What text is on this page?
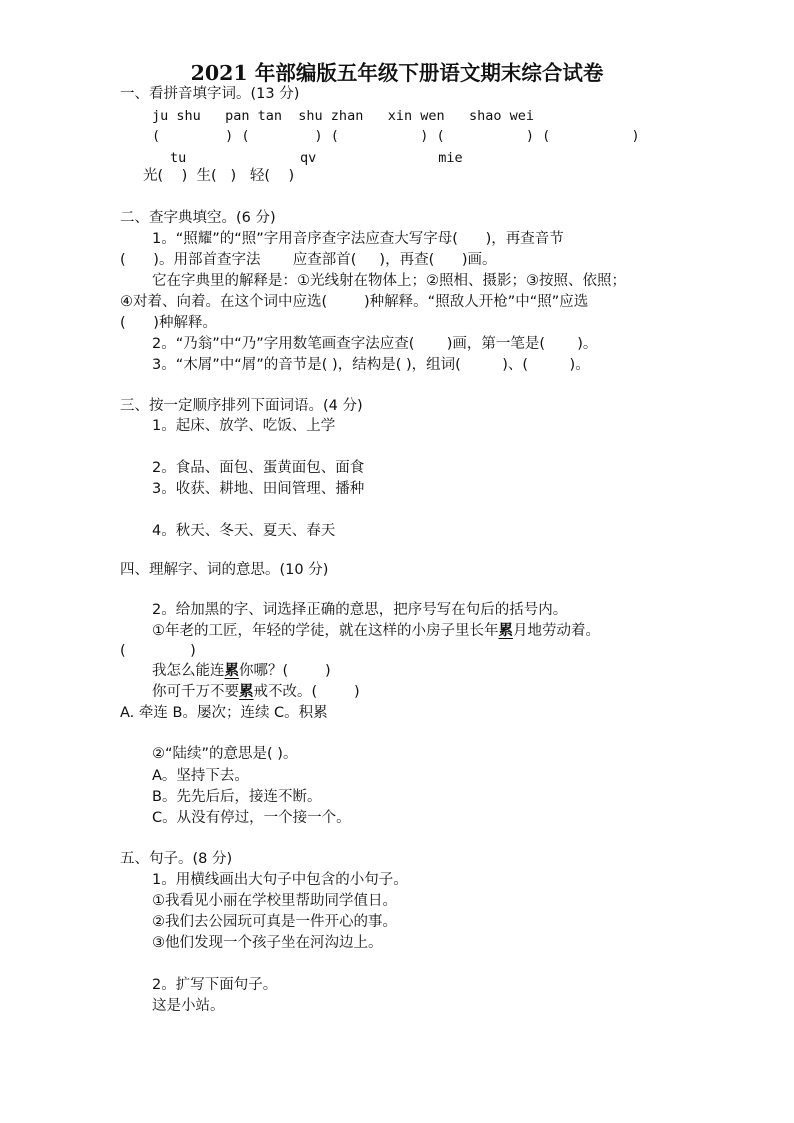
2021 年部编版五年级下册语文期末综合试卷
一、看拼音填字词。(13 分)
ju shu   pan tan  shu zhan   xin wen   shao wei
(        ) (        ) (          ) (          ) (          )
tu              qv               mie
光(    )  生(   )   轻(    )
二、查字典填空。(6 分)
1。“照耀”的“照”字用音序查字法应查大写字母(      )，再查音节
(      )。用部首查字法       应查部首(     )，再查(      )画。
它在字典里的解释是：①光线射在物体上；②照相、摄影；③按照、依照；
④对着、向着。在这个词中应选(        )种解释。“照敌人开枪”中“照”应选
(      )种解释。
2。“乃翁”中“乃”字用数笔画查字法应查(       )画，第一笔是(       )。
3。“木屑”中“屑”的音节是( )，结构是( )，组词(         )、(         )。
三、按一定顺序排列下面词语。(4 分)
1。起床、放学、吃饭、上学
2。食品、面包、蛋黄面包、面食
3。收获、耕地、田间管理、播种
4。秋天、冬天、夏天、春天
四、理解字、词的意思。(10 分)
2。给加黑的字、词选择正确的意思，把序号写在句后的括号内。
①年老的工匠，年轻的学徒，就在这样的小房子里长年累月地劳动着。
(              )
我怎么能连累你哪？(        )
你可千万不要累戒不改。(        )
A. 牵连 B。屡次；连续 C。积累
②“陆续”的意思是( )。
A。坚持下去。
B。先先后后，接连不断。
C。从没有停过，一个接一个。
五、句子。(8 分)
1。用横线画出大句子中包含的小句子。
①我看见小丽在学校里帮助同学值日。
②我们去公园玩可真是一件开心的事。
③他们发现一个孩子坐在河沟边上。
2。扩写下面句子。
这是小站。
